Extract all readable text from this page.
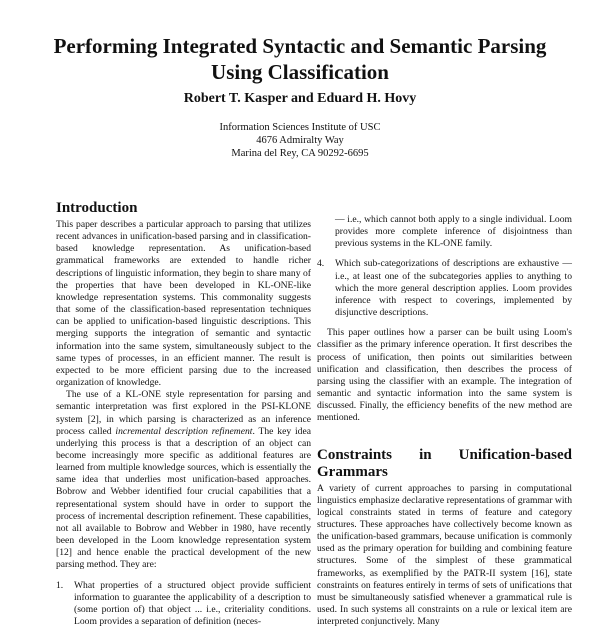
Performing Integrated Syntactic and Semantic Parsing
Using Classification
Robert T. Kasper and Eduard H. Hovy
Information Sciences Institute of USC
4676 Admiralty Way
Marina del Rey, CA 90292-6695
Introduction

This paper describes a particular approach to parsing that utilizes recent advances in unification-based parsing and in classification-based knowledge representation. As unification-based grammatical frameworks are extended to handle richer descriptions of linguistic information, they begin to share many of the properties that have been developed in KL-ONE-like knowledge representation systems. This commonality suggests that some of the classification-based representation techniques can be applied to unification-based linguistic descriptions. This merging supports the integration of semantic and syntactic information into the same system, simultaneously subject to the same types of processes, in an efficient manner. The result is expected to be more efficient parsing due to the increased organization of knowledge.

The use of a KL-ONE style representation for parsing and semantic interpretation was first explored in the PSI-KLONE system [2], in which parsing is characterized as an inference process called incremental description refinement. The key idea underlying this process is that a description of an object can become increasingly more specific as additional features are learned from multiple knowledge sources, which is essentially the same idea that underlies most unification-based approaches. Bobrow and Webber identified four crucial capabilities that a representational system should have in order to support the process of incremental description refinement. These capabilities, not all available to Bobrow and Webber in 1980, have recently been developed in the Loom knowledge representation system [12] and hence enable the practical development of the new parsing method. They are:

1. What properties of a structured object provide sufficient information to guarantee the applicability of a description to (some portion of) that object ... i.e., criteriality conditions. Loom provides a separation of definition (neces-
— i.e., which cannot both apply to a single individual. Loom provides more complete inference of disjointness than previous systems in the KL-ONE family.
4. Which sub-categorizations of descriptions are exhaustive — i.e., at least one of the subcategories applies to anything to which the more general description applies. Loom provides inference with respect to coverings, implemented by disjunctive descriptions.

This paper outlines how a parser can be built using Loom's classifier as the primary inference operation. It first describes the process of unification, then points out similarities between unification and classification, then describes the process of parsing using the classifier with an example. The integration of semantic and syntactic information into the same system is discussed. Finally, the efficiency benefits of the new method are mentioned.

Constraints in Unification-based Grammars

A variety of current approaches to parsing in computational linguistics emphasize declarative representations of grammar with logical constraints stated in terms of feature and category structures. These approaches have collectively become known as the unification-based grammars, because unification is commonly used as the primary operation for building and combining feature structures. Some of the simplest of these grammatical frameworks, as exemplified by the PATR-II system [16], state constraints on features entirely in terms of sets of unifications that must be simultaneously satisfied whenever a grammatical rule is used. In such systems all constraints on a rule or lexical item are interpreted conjunctively. Many
